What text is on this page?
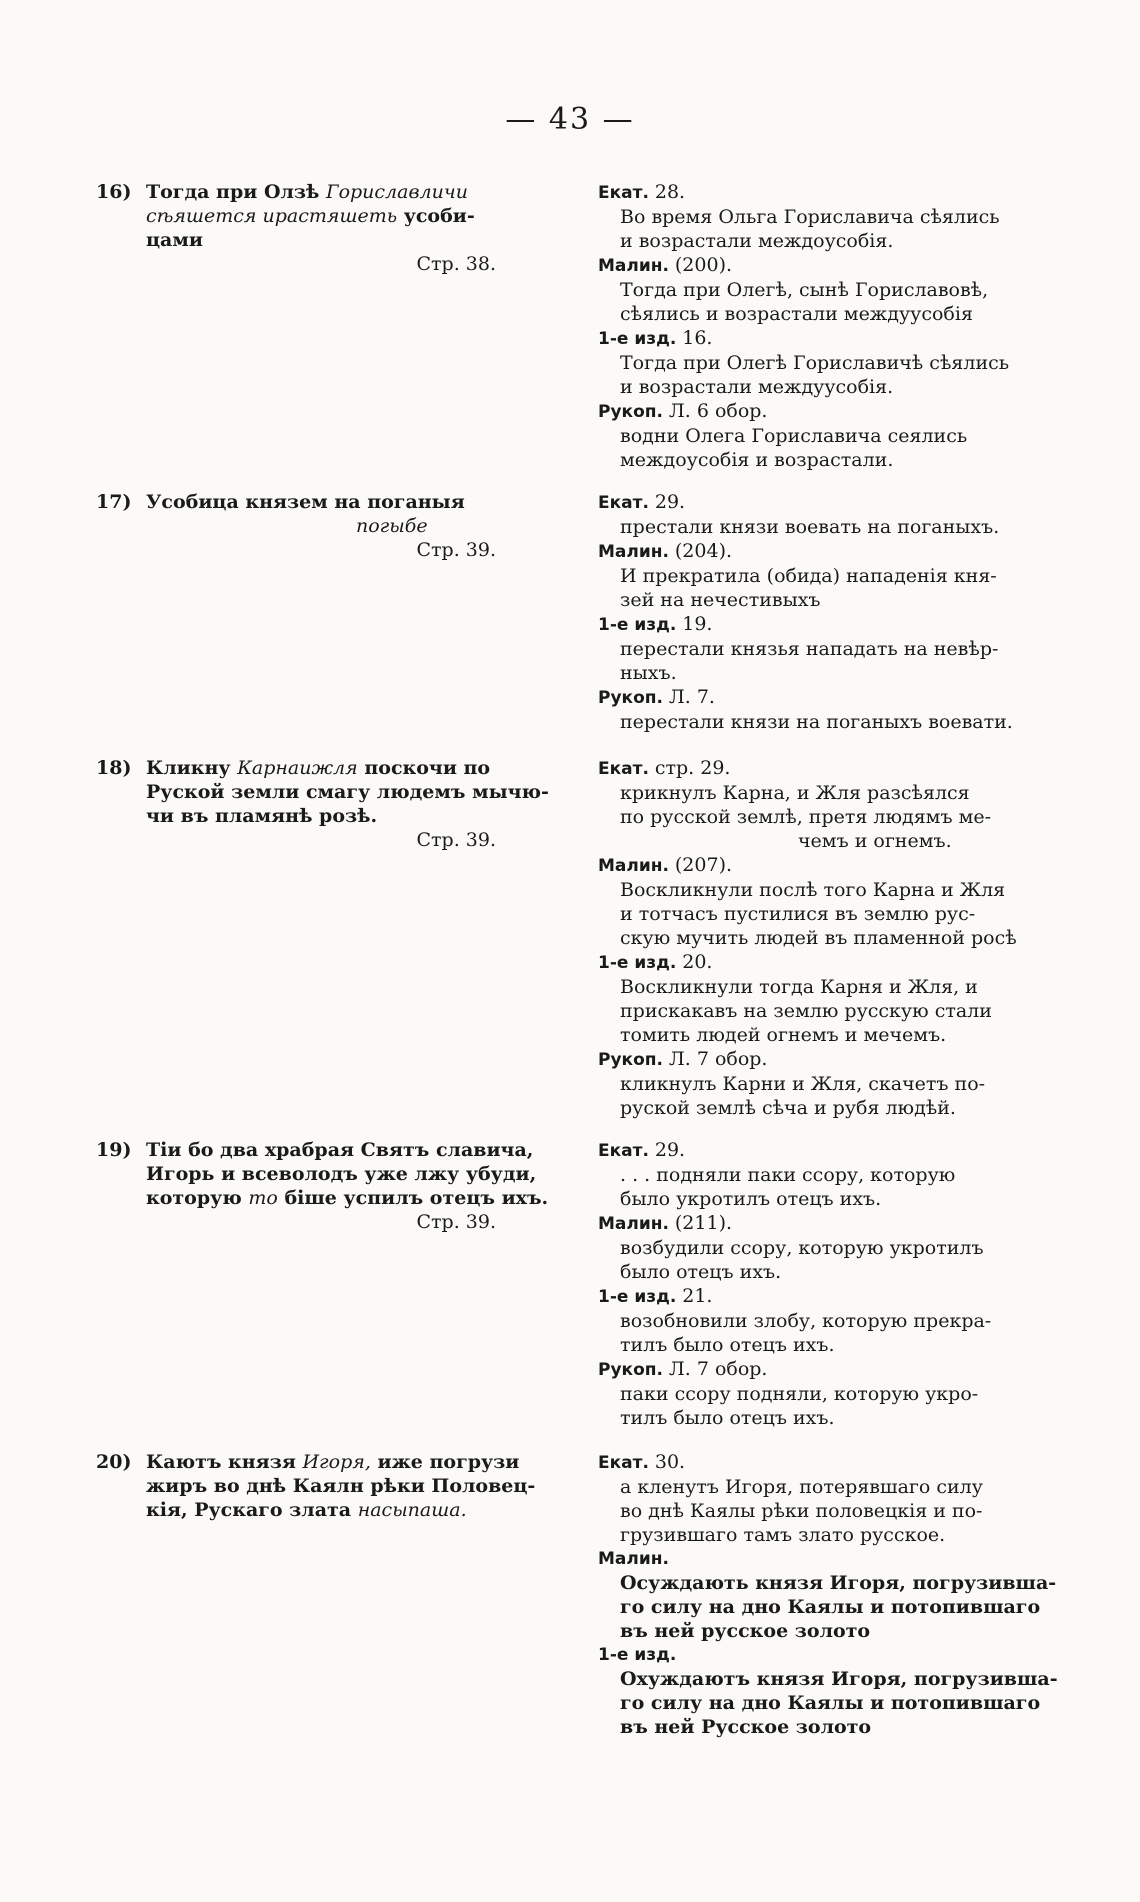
— 43 —
16) Тогда при Олзѣ Гориславличи
сѣяшется ирастяшеть усоби-
цами
Стр. 38.
Екат. 28.
Во время Ольга Гориславича сѣялись
и возрастали междоусобія.
Малин. (200).
Тогда при Олегѣ, сынѣ Гориславовѣ,
сѣялись и возрастали междуусобія
1-е изд. 16.
Тогда при Олегѣ Гориславичѣ сѣялись
и возрастали междуусобія.
Рукоп. Л. 6 обор.
водни Олега Гориславича сеялись
междоусобія и возрастали.
17) Усобица князем на поганыя
погыбе
Стр. 39.
Екат. 29.
престали князи воевать на поганыхъ.
Малин. (204).
И прекратила (обида) нападенія кня-
зей на нечестивыхъ
1-е изд. 19.
перестали князья нападать на невѣр-
ныхъ.
Рукоп. Л. 7.
перестали князи на поганыхъ воевати.
18) Кликну Карнаижля поскочи по
Руской земли смагу людемъ мычю-
чи въ пламянѣ розѣ.
Стр. 39.
Екат. стр. 29.
крикнулъ Карна, и Жля разсѣялся
по русской землѣ, претя людямъ ме-
чемъ и огнемъ.
Малин. (207).
Воскликнули послѣ того Карна и Жля
и тотчасъ пустилися въ землю рус-
скую мучить людей въ пламенной росѣ
1-е изд. 20.
Воскликнули тогда Карня и Жля, и
прискакавъ на землю русскую стали
томить людей огнемъ и мечемъ.
Рукоп. Л. 7 обор.
кликнулъ Карни и Жля, скачетъ по-
руской землѣ сѣча и рубя людѣй.
19) Тіи бо два храбрая Святъ славича,
Игорь и всеволодъ уже лжу убуди,
которую то біше успилъ отецъ ихъ.
Стр. 39.
Екат. 29.
. . . подняли паки ссору, которую
было укротилъ отецъ ихъ.
Малин. (211).
возбудили ссору, которую укротилъ
было отецъ ихъ.
1-е изд. 21.
возобновили злобу, которую прекра-
тилъ было отецъ ихъ.
Рукоп. Л. 7 обор.
паки ссору подняли, которую укро-
тилъ было отецъ ихъ.
20) Каютъ князя Игоря, иже погрузи
жиръ во днѣ Каялн рѣки Половец-
кія, Рускаго злата насыпаша.
Екат. 30.
а кленутъ Игоря, потерявшаго силу
во днѣ Каялы рѣки половецкія и по-
грузившаго тамъ злато русское.
Малин.
Осуждають князя Игоря, погрузивша-
го силу на дно Каялы и потопившаго
въ ней русское золото
1-е изд.
Охуждаютъ князя Игоря, погрузивша-
го силу на дно Каялы и потопившаго
въ ней Русское золото
